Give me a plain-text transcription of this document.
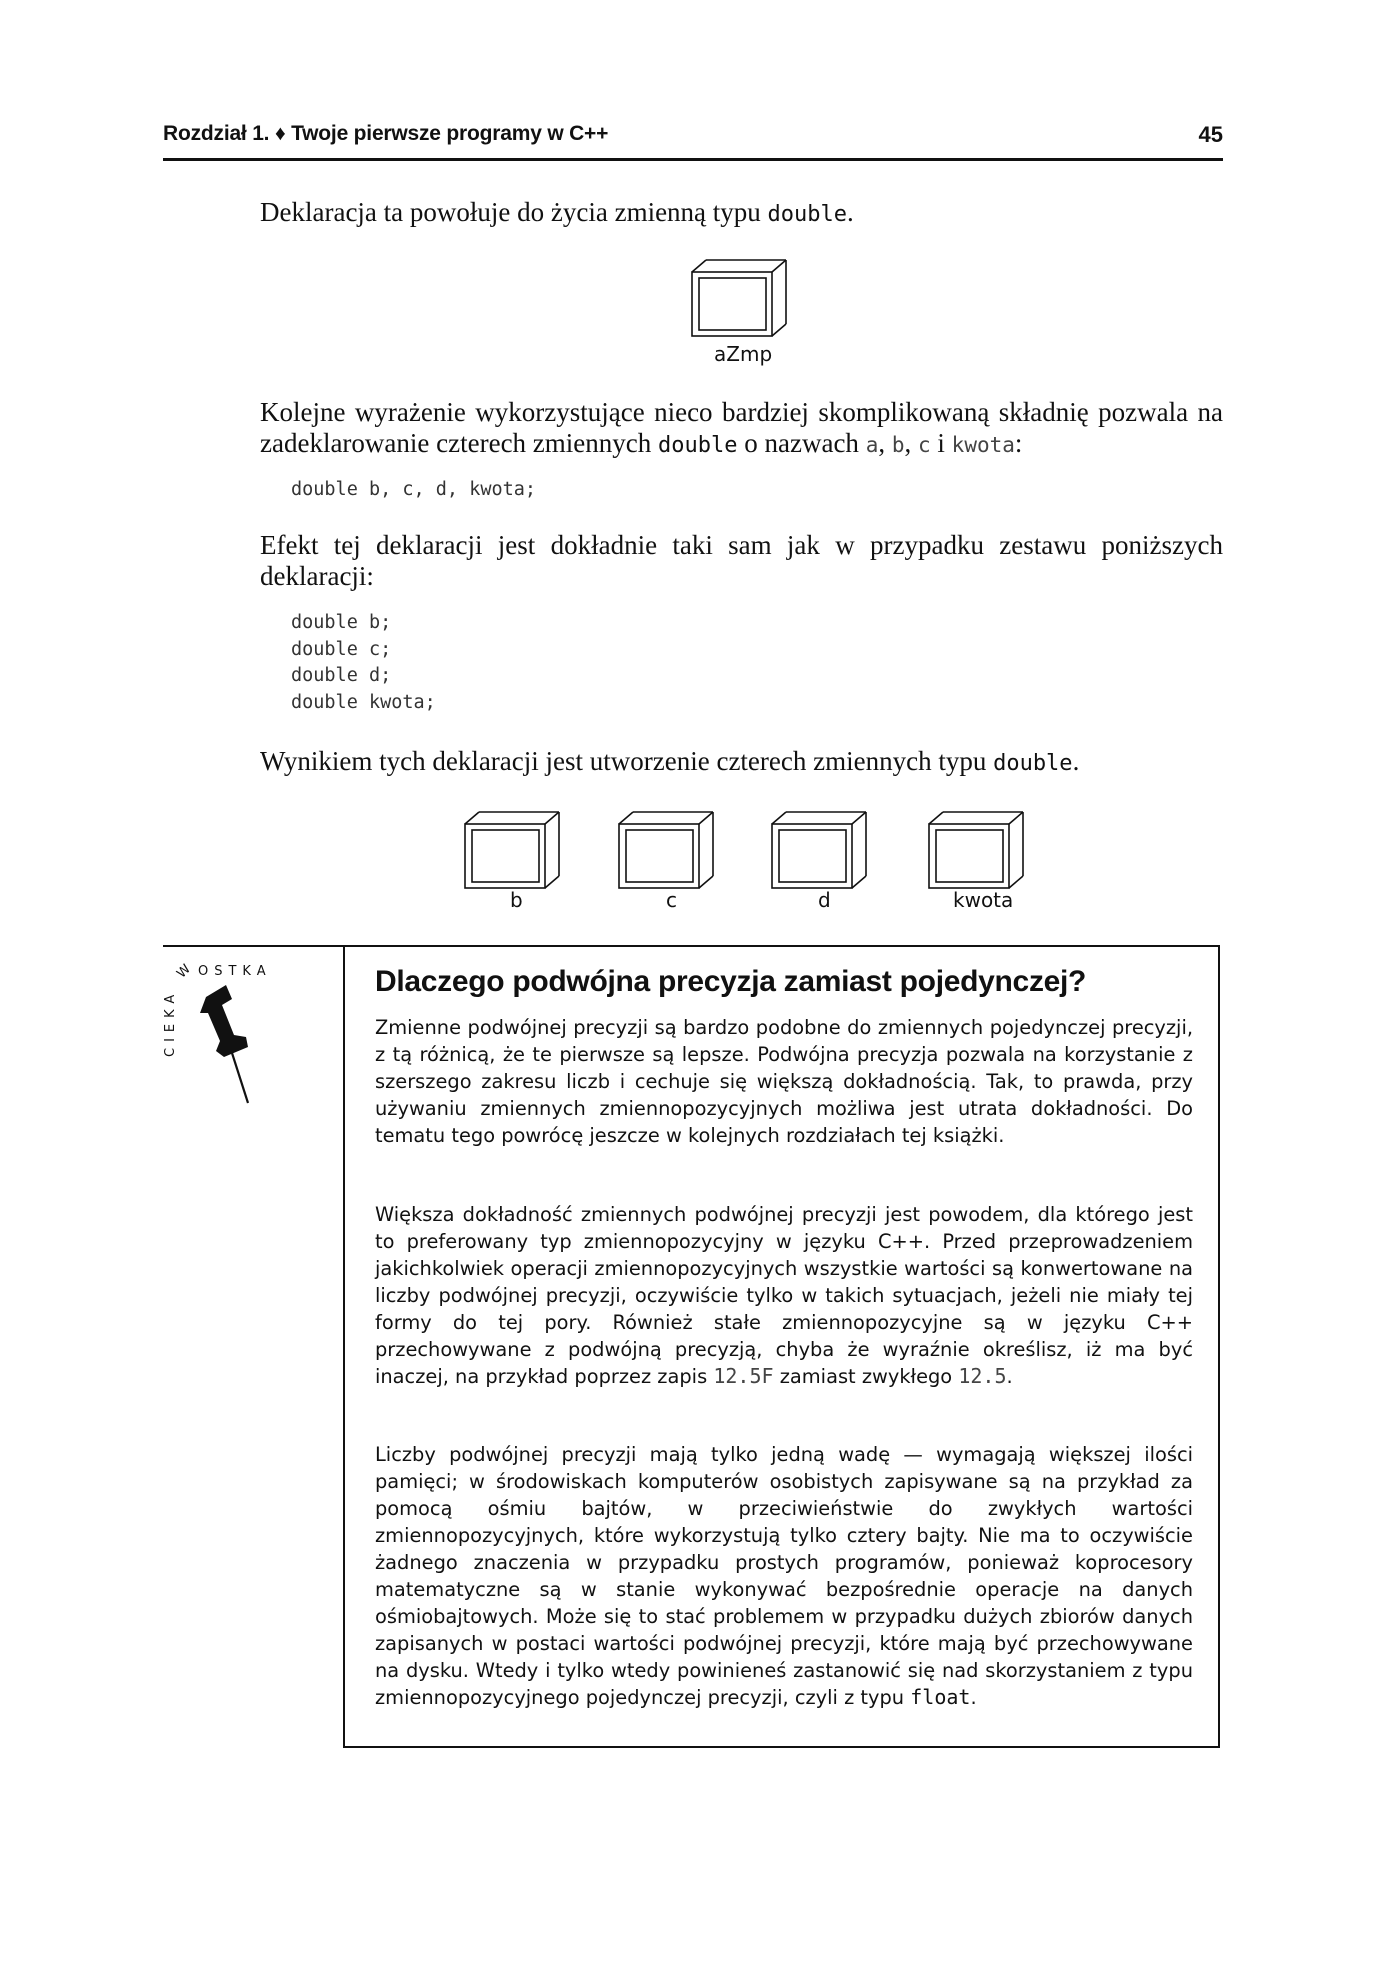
Rozdział 1. ♦ Twoje pierwsze programy w C++	45

Deklaracja ta powołuje do życia zmienną typu double.

aZmp

Kolejne wyrażenie wykorzystujące nieco bardziej skomplikowaną składnię pozwala na zadeklarowanie czterech zmiennych double o nazwach a, b, c i kwota:

double b, c, d, kwota;

Efekt tej deklaracji jest dokładnie taki sam jak w przypadku zestawu poniższych deklaracji:

double b;
double c;
double d;
double kwota;

Wynikiem tych deklaracji jest utworzenie czterech zmiennych typu double.

b	c	d	kwota
CIEKA
W OSTKA	Dlaczego podwójna precyzja zamiast pojedynczej?

Zmienne podwójnej precyzji są bardzo podobne do zmiennych pojedynczej precyzji, z tą różnicą, że te pierwsze są lepsze. Podwójna precyzja pozwala na korzystanie z szerszego zakresu liczb i cechuje się większą dokładnością. Tak, to prawda, przy używaniu zmiennych zmiennopozycyjnych możliwa jest utrata dokładności. Do tematu tego powrócę jeszcze w kolejnych rozdziałach tej książki.

Większa dokładność zmiennych podwójnej precyzji jest powodem, dla którego jest to preferowany typ zmiennopozycyjny w języku C++. Przed przeprowadzeniem jakichkolwiek operacji zmiennopozycyjnych wszystkie wartości są konwertowane na liczby podwójnej precyzji, oczywiście tylko w takich sytuacjach, jeżeli nie miały tej formy do tej pory. Również stałe zmiennopozycyjne są w języku C++ przechowywane z podwójną precyzją, chyba że wyraźnie określisz, iż ma być inaczej, na przykład poprzez zapis 12.5F zamiast zwykłego 12.5.

Liczby podwójnej precyzji mają tylko jedną wadę — wymagają większej ilości pamięci; w środowiskach komputerów osobistych zapisywane są na przykład za pomocą ośmiu bajtów, w przeciwieństwie do zwykłych wartości zmiennopozycyjnych, które wykorzystują tylko cztery bajty. Nie ma to oczywiście żadnego znaczenia w przypadku prostych programów, ponieważ koprocesory matematyczne są w stanie wykonywać bezpośrednie operacje na danych ośmiobajtowych. Może się to stać problemem w przypadku dużych zbiorów danych zapisanych w postaci wartości podwójnej precyzji, które mają być przechowywane na dysku. Wtedy i tylko wtedy powinieneś zastanowić się nad skorzystaniem z typu zmiennopozycyjnego pojedynczej precyzji, czyli z typu float.
